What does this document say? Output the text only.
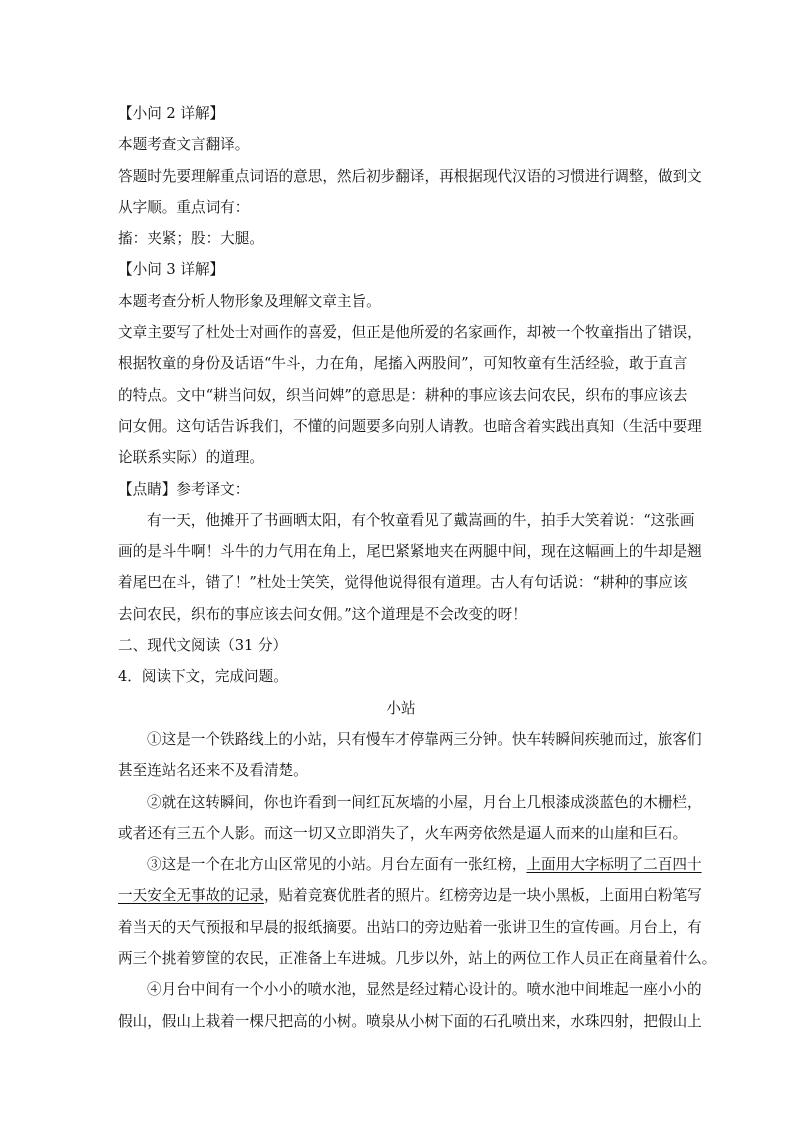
【小问 2 详解】
本题考查文言翻译。
答题时先要理解重点词语的意思，然后初步翻译，再根据现代汉语的习惯进行调整，做到文
从字顺。重点词有：
搐：夹紧；股：大腿。
【小问 3 详解】
本题考查分析人物形象及理解文章主旨。
文章主要写了杜处士对画作的喜爱，但正是他所爱的名家画作，却被一个牧童指出了错误，
根据牧童的身份及话语“牛斗，力在角，尾搐入两股间”，可知牧童有生活经验，敢于直言
的特点。文中“耕当问奴，织当问婢”的意思是：耕种的事应该去问农民，织布的事应该去
问女佣。这句话告诉我们，不懂的问题要多向别人请教。也暗含着实践出真知（生活中要理
论联系实际）的道理。
【点睛】参考译文：
有一天，他摊开了书画晒太阳，有个牧童看见了戴嵩画的牛，拍手大笑着说：“这张画
画的是斗牛啊！斗牛的力气用在角上，尾巴紧紧地夹在两腿中间，现在这幅画上的牛却是翘
着尾巴在斗，错了！”杜处士笑笑，觉得他说得很有道理。古人有句话说：“耕种的事应该
去问农民，织布的事应该去问女佣。”这个道理是不会改变的呀！
二、现代文阅读（31 分）
4．阅读下文，完成问题。
小站
①这是一个铁路线上的小站，只有慢车才停靠两三分钟。快车转瞬间疾驰而过，旅客们
甚至连站名还来不及看清楚。
②就在这转瞬间，你也许看到一间红瓦灰墙的小屋，月台上几根漆成淡蓝色的木栅栏，
或者还有三五个人影。而这一切又立即消失了，火车两旁依然是逼人而来的山崖和巨石。
③这是一个在北方山区常见的小站。月台左面有一张红榜，上面用大字标明了二百四十
一天安全无事故的记录，贴着竞赛优胜者的照片。红榜旁边是一块小黑板，上面用白粉笔写
着当天的天气预报和早晨的报纸摘要。出站口的旁边贴着一张讲卫生的宣传画。月台上，有
两三个挑着箩筐的农民，正准备上车进城。几步以外，站上的两位工作人员正在商量着什么。
④月台中间有一个小小的喷水池，显然是经过精心设计的。喷水池中间堆起一座小小的
假山，假山上栽着一棵尺把高的小树。喷泉从小树下面的石孔喷出来，水珠四射，把假山上
